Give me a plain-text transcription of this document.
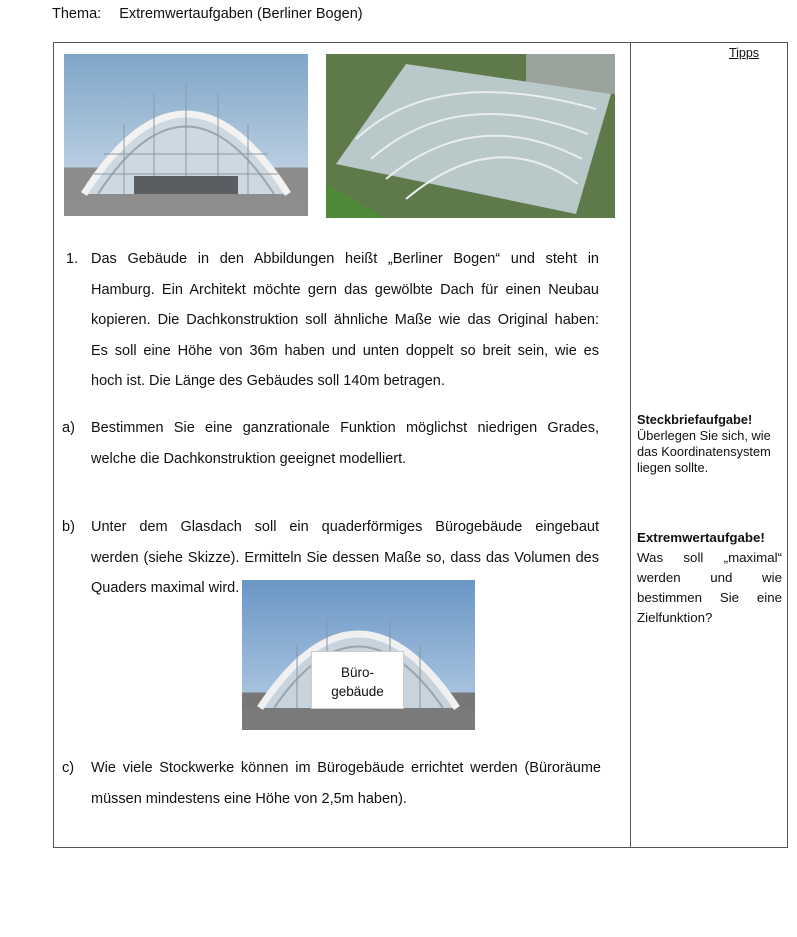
Thema: Extremwertaufgaben (Berliner Bogen)
Tipps
1. Das Gebäude in den Abbildungen heißt „Berliner Bogen“ und steht in
Hamburg. Ein Architekt möchte gern das gewölbte Dach für einen Neubau
kopieren. Die Dachkonstruktion soll ähnliche Maße wie das Original haben:
Es soll eine Höhe von 36m haben und unten doppelt so breit sein, wie es
hoch ist. Die Länge des Gebäudes soll 140m betragen.
a) Bestimmen Sie eine ganzrationale Funktion möglichst niedrigen Grades,
welche die Dachkonstruktion geeignet modelliert.
Steckbriefaufgabe!
Überlegen Sie sich, wie
das Koordinatensystem
liegen sollte.
b) Unter dem Glasdach soll ein quaderförmiges Bürogebäude eingebaut
werden (siehe Skizze). Ermitteln Sie dessen Maße so, dass das Volumen des
Quaders maximal wird.
Extremwertaufgabe!
Was soll „maximal“
werden und wie
bestimmen Sie eine
Zielfunktion?
Büro-
gebäude
c) Wie viele Stockwerke können im Bürogebäude errichtet werden (Büroräume
müssen mindestens eine Höhe von 2,5m haben).
